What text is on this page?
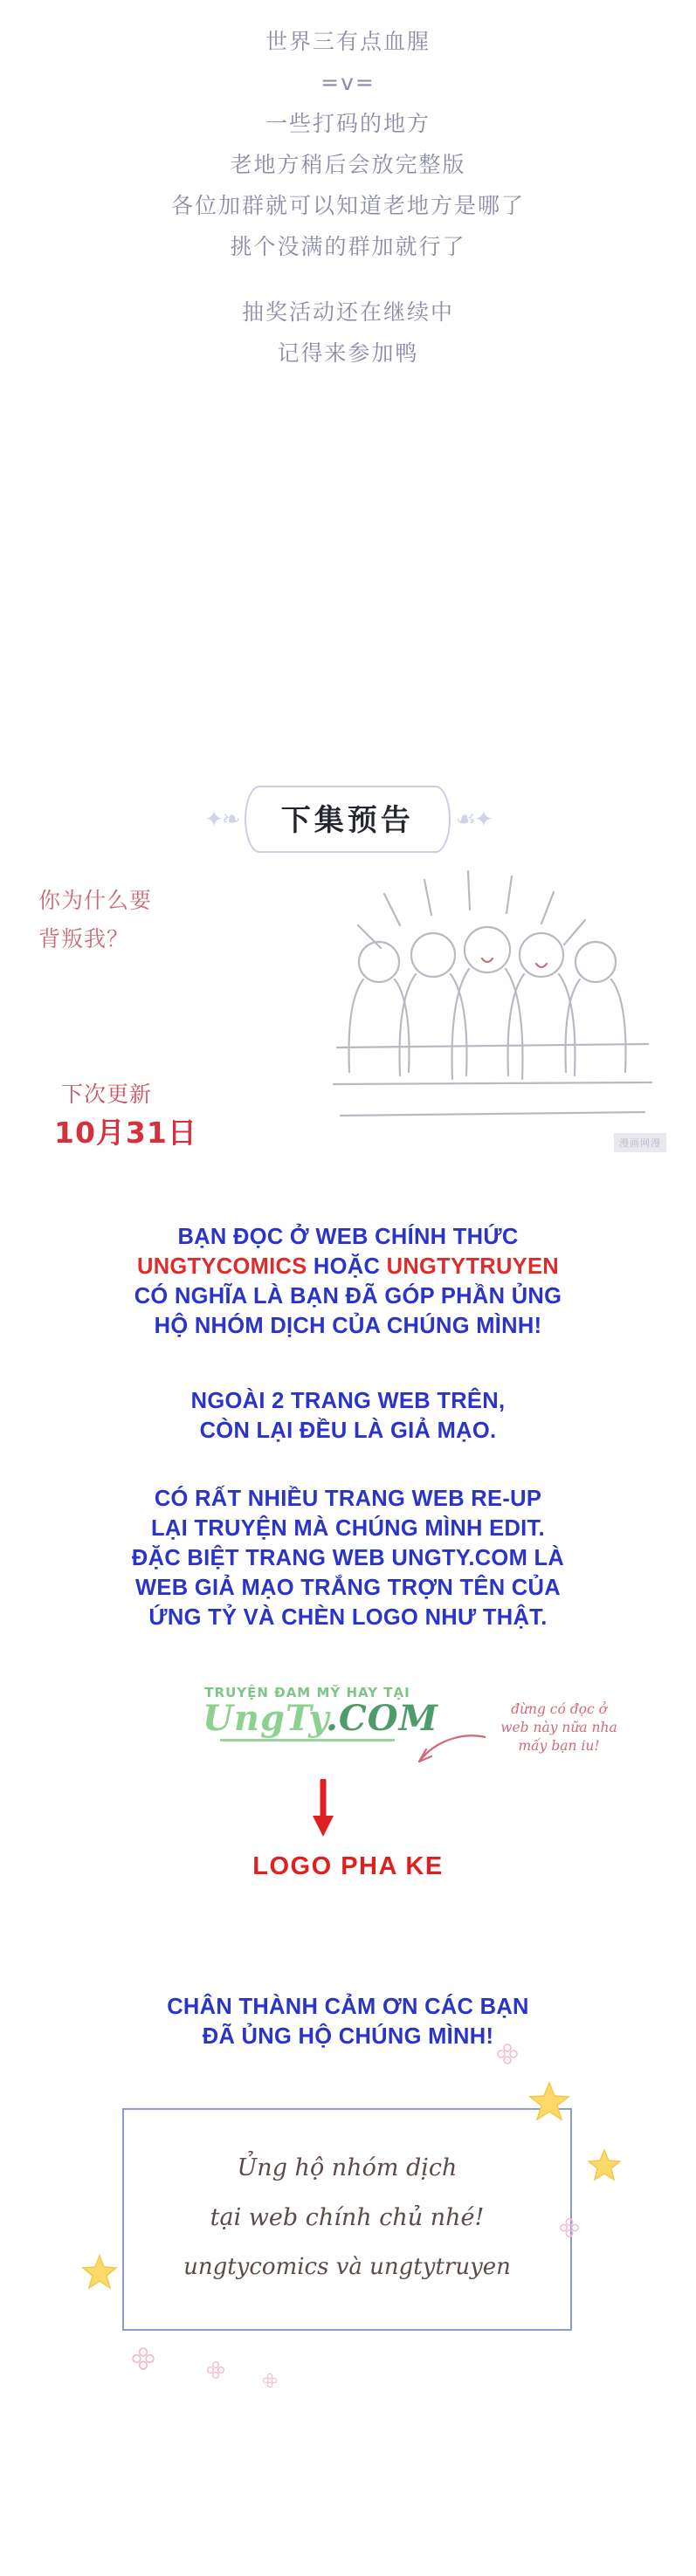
世界三有点血腥
=v=
一些打码的地方
老地方稍后会放完整版
各位加群就可以知道老地方是哪了
挑个没满的群加就行了
抽奖活动还在继续中
记得来参加鸭
✦❧	下集预告	☙✦
你为什么要
背叛我？
下次更新
10月31日	漫画网漫
BẠN ĐỌC Ở WEB CHÍNH THỨC
UNGTYCOMICS HOẶC UNGTYTRUYEN
CÓ NGHĨA LÀ BẠN ĐÃ GÓP PHẦN ỦNG
HỘ NHÓM DỊCH CỦA CHÚNG MÌNH!
NGOÀI 2 TRANG WEB TRÊN,
CÒN LẠI ĐỀU LÀ GIẢ MẠO.
CÓ RẤT NHIỀU TRANG WEB RE-UP
LẠI TRUYỆN MÀ CHÚNG MÌNH EDIT.
ĐẶC BIỆT TRANG WEB UNGTY.COM LÀ
WEB GIẢ MẠO TRẮNG TRỢN TÊN CỦA
ỨNG TỶ VÀ CHÈN LOGO NHƯ THẬT.
TRUYỆN ĐAM MỸ HAY TẠI
UngTy.COM	đừng có đọc ở
web này nữa nha
mấy bạn iu!
LOGO PHA KE
CHÂN THÀNH CẢM ƠN CÁC BẠN
ĐÃ ỦNG HỘ CHÚNG MÌNH!
Ủng hộ nhóm dịch
tại web chính chủ nhé!
ungtycomics và ungtytruyen
